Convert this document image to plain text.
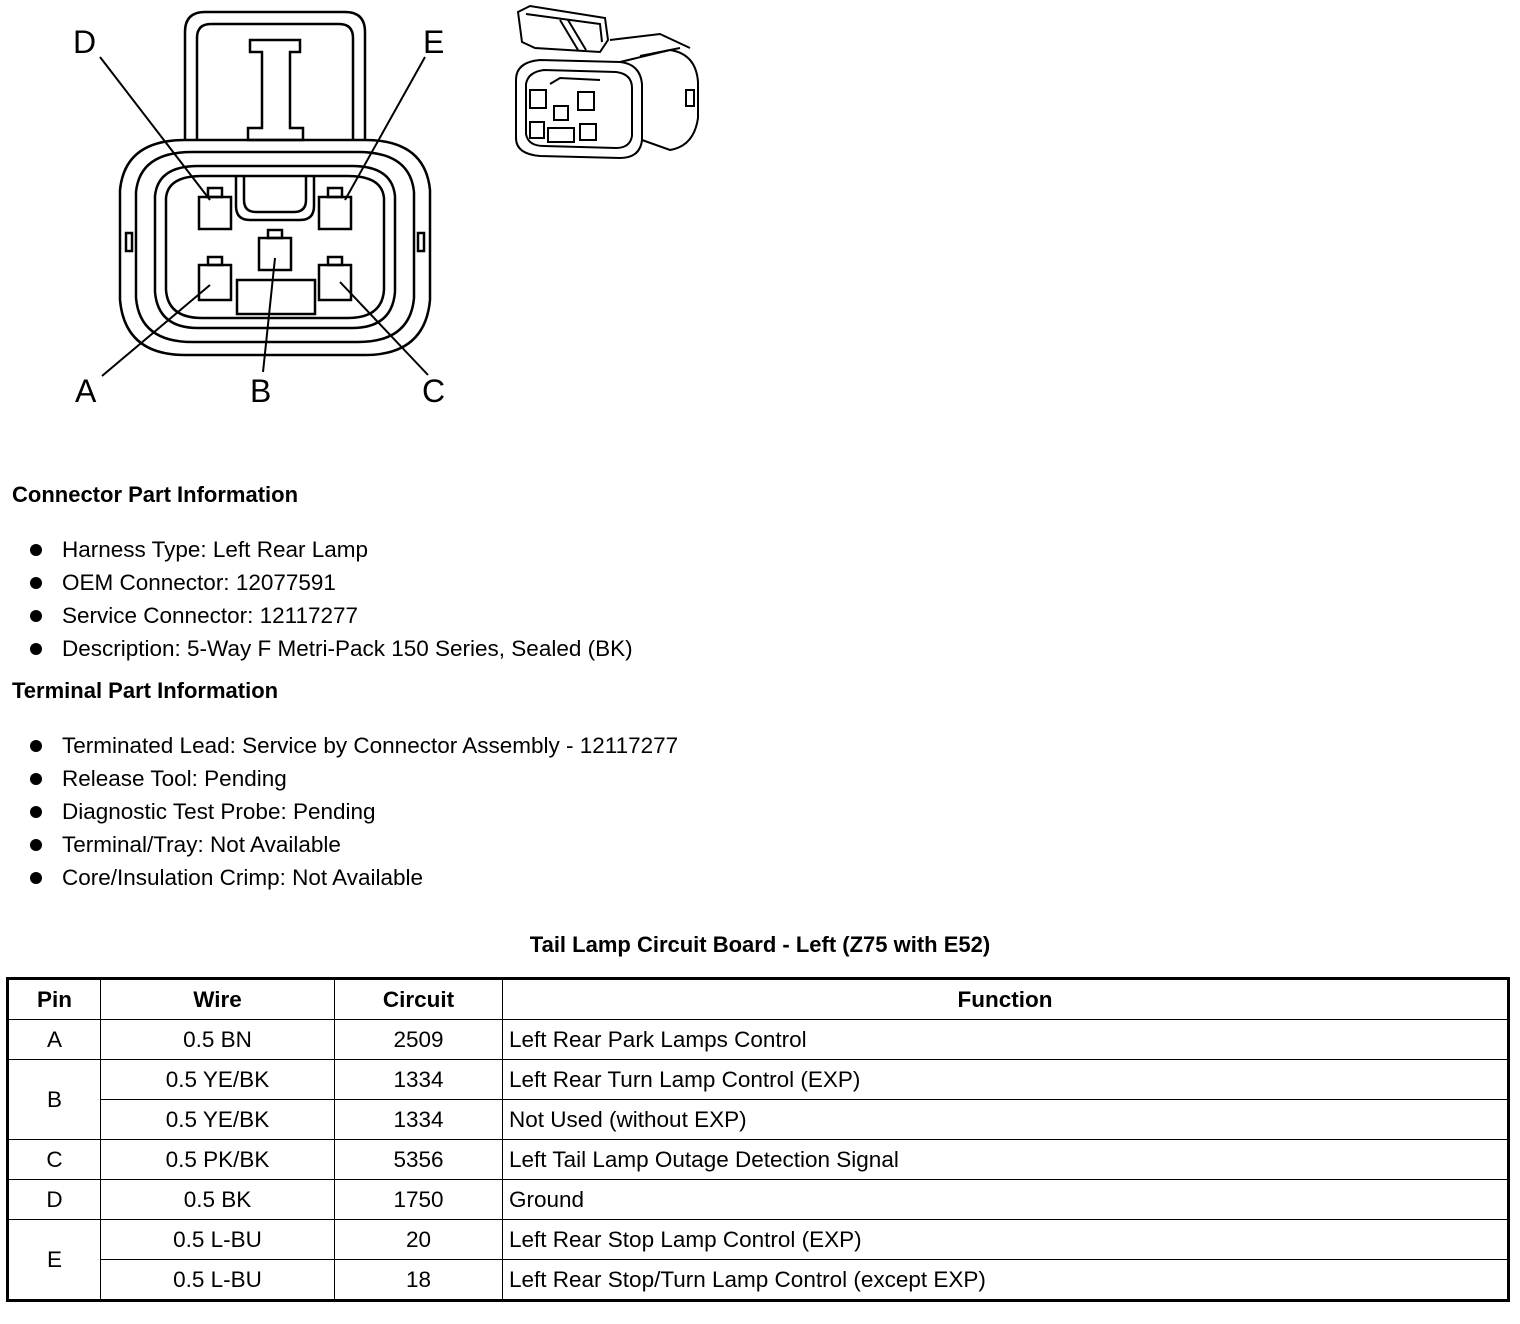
D	E
A	B	C
Connector Part Information
Harness Type: Left Rear Lamp
OEM Connector: 12077591
Service Connector: 12117277
Description: 5-Way F Metri-Pack 150 Series, Sealed (BK)
Terminal Part Information
Terminated Lead: Service by Connector Assembly - 12117277
Release Tool: Pending
Diagnostic Test Probe: Pending
Terminal/Tray: Not Available
Core/Insulation Crimp: Not Available
Tail Lamp Circuit Board - Left (Z75 with E52)
Pin	Wire	Circuit	Function
A	0.5 BN	2509	Left Rear Park Lamps Control
B	0.5 YE/BK	1334	Left Rear Turn Lamp Control (EXP)
	0.5 YE/BK	1334	Not Used (without EXP)
C	0.5 PK/BK	5356	Left Tail Lamp Outage Detection Signal
D	0.5 BK	1750	Ground
E	0.5 L-BU	20	Left Rear Stop Lamp Control (EXP)
	0.5 L-BU	18	Left Rear Stop/Turn Lamp Control (except EXP)
